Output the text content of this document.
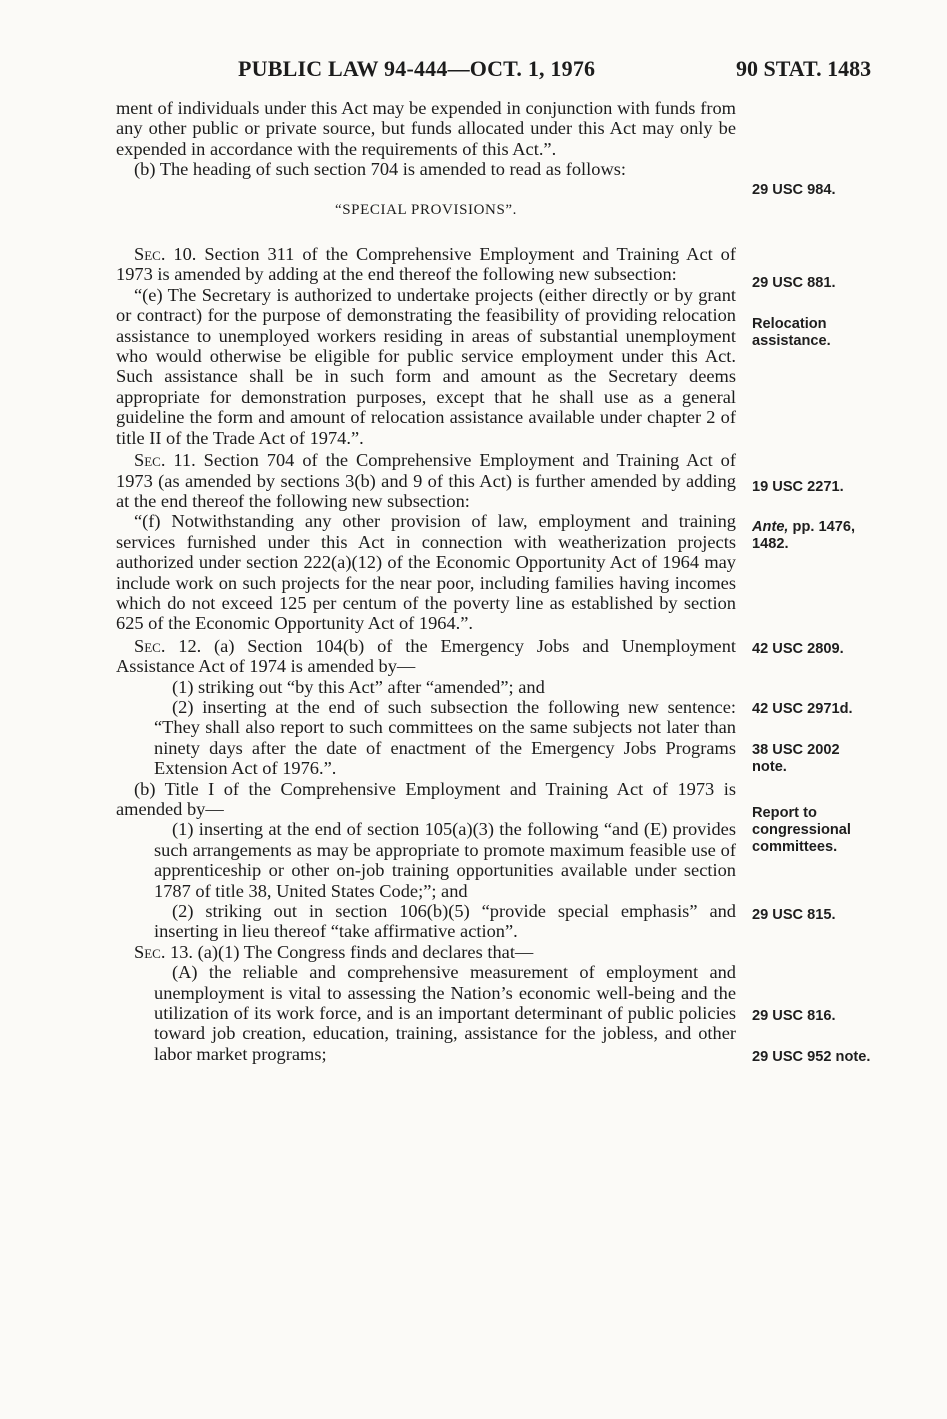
PUBLIC LAW 94-444—OCT. 1, 1976	90 STAT. 1483

ment of individuals under this Act may be expended in conjunction with funds from any other public or private source, but funds allocated under this Act may only be expended in accordance with the requirements of this Act.”.

(b) The heading of such section 704 is amended to read as follows:

“SPECIAL PROVISIONS”.

Sec. 10. Section 311 of the Comprehensive Employment and Training Act of 1973 is amended by adding at the end thereof the following new subsection:

“(e) The Secretary is authorized to undertake projects (either directly or by grant or contract) for the purpose of demonstrating the feasibility of providing relocation assistance to unemployed workers residing in areas of substantial unemployment who would otherwise be eligible for public service employment under this Act. Such assistance shall be in such form and amount as the Secretary deems appropriate for demonstration purposes, except that he shall use as a general guideline the form and amount of relocation assistance available under chapter 2 of title II of the Trade Act of 1974.”.

Sec. 11. Section 704 of the Comprehensive Employment and Training Act of 1973 (as amended by sections 3(b) and 9 of this Act) is further amended by adding at the end thereof the following new subsection:

“(f) Notwithstanding any other provision of law, employment and training services furnished under this Act in connection with weatherization projects authorized under section 222(a)(12) of the Economic Opportunity Act of 1964 may include work on such projects for the near poor, including families having incomes which do not exceed 125 per centum of the poverty line as established by section 625 of the Economic Opportunity Act of 1964.”.

Sec. 12. (a) Section 104(b) of the Emergency Jobs and Unemployment Assistance Act of 1974 is amended by—

(1) striking out “by this Act” after “amended”; and

(2) inserting at the end of such subsection the following new sentence: “They shall also report to such committees on the same subjects not later than ninety days after the date of enactment of the Emergency Jobs Programs Extension Act of 1976.”.

(b) Title I of the Comprehensive Employment and Training Act of 1973 is amended by—

(1) inserting at the end of section 105(a)(3) the following “and (E) provides such arrangements as may be appropriate to promote maximum feasible use of apprenticeship or other on-job training opportunities available under section 1787 of title 38, United States Code;”; and

(2) striking out in section 106(b)(5) “provide special emphasis” and inserting in lieu thereof “take affirmative action”.

Sec. 13. (a)(1) The Congress finds and declares that—

(A) the reliable and comprehensive measurement of employment and unemployment is vital to assessing the Nation’s economic well-being and the utilization of its work force, and is an important determinant of public policies toward job creation, education, training, assistance for the jobless, and other labor market programs;

29 USC 984.
29 USC 881.
Relocation
assistance.
19 USC 2271.
Ante, pp. 1476,
1482.
42 USC 2809.
42 USC 2971d.
38 USC 2002
note.
Report to
congressional
committees.
29 USC 815.
29 USC 816.
29 USC 952 note.
